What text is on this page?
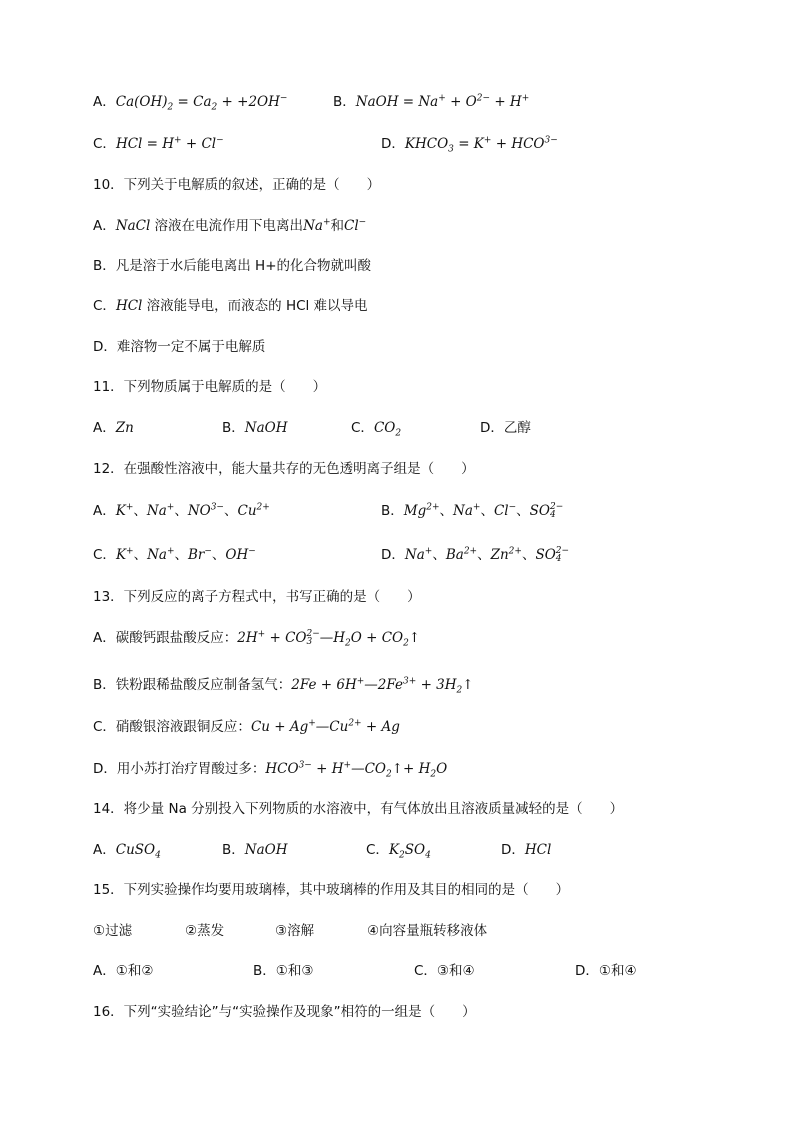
A．$Ca(OH)_2 = Ca_2 + +2OH^-$	B．NaOH = $Na^+ + O^{2-} + H^+$
C．HCl = H+ + Cl−	D．$KHCO_3 = K^+ + HCO^{3-}$
10．下列关于电解质的叙述，正确的是（　　）
A．NaCl 溶液在电流作用下电离出Na+和Cl−
B．凡是溶于水后能电离出 H+的化合物就叫酸
C．HCl 溶液能导电，而液态的 HCl 难以导电
D．难溶物一定不属于电解质
11．下列物质属于电解质的是（　　）
A．Zn	B．NaOH	C．$CO_2$	D．乙醇
12．在强酸性溶液中，能大量共存的无色透明离子组是（　　）
A．K+、Na+、$NO^{3-}$、$Cu^{2+}$	B．$Mg^{2+}$、Na+、Cl−、SO 2−
4
C．K+、Na+、Br−、OH−	D．Na+、$Ba^{2+}$、$Zn^{2+}$、SO 2−
4
13．下列反应的离子方程式中，书写正确的是（　　）
A．碳酸钙跟盐酸反应：2H+ + CO 2−
3 $—H_2O$ + $CO_2↑$
B．铁粉跟稀盐酸反应制备氢气：$2Fe + 6H^+—2Fe^{3+}$ + $3H_2↑$
C．硝酸银溶液跟铜反应：$Cu + Ag^+—Cu^{2+} + Ag$
D．用小苏打治疗胃酸过多：$HCO^{3-}$ + $H^+—CO_2↑+ H_2O$
14．将少量 Na 分别投入下列物质的水溶液中，有气体放出且溶液质量减轻的是（　　）
A．CuSO$_4$	B．NaOH	C．$K_2SO_4$	D．HCl
15．下列实验操作均要用玻璃棒，其中玻璃棒的作用及其目的相同的是（　　）
①过滤	②蒸发	③溶解	④向容量瓶转移液体
A．①和②	B．①和③	C．③和④	D．①和④
16．下列“实验结论”与“实验操作及现象”相符的一组是（　　）
